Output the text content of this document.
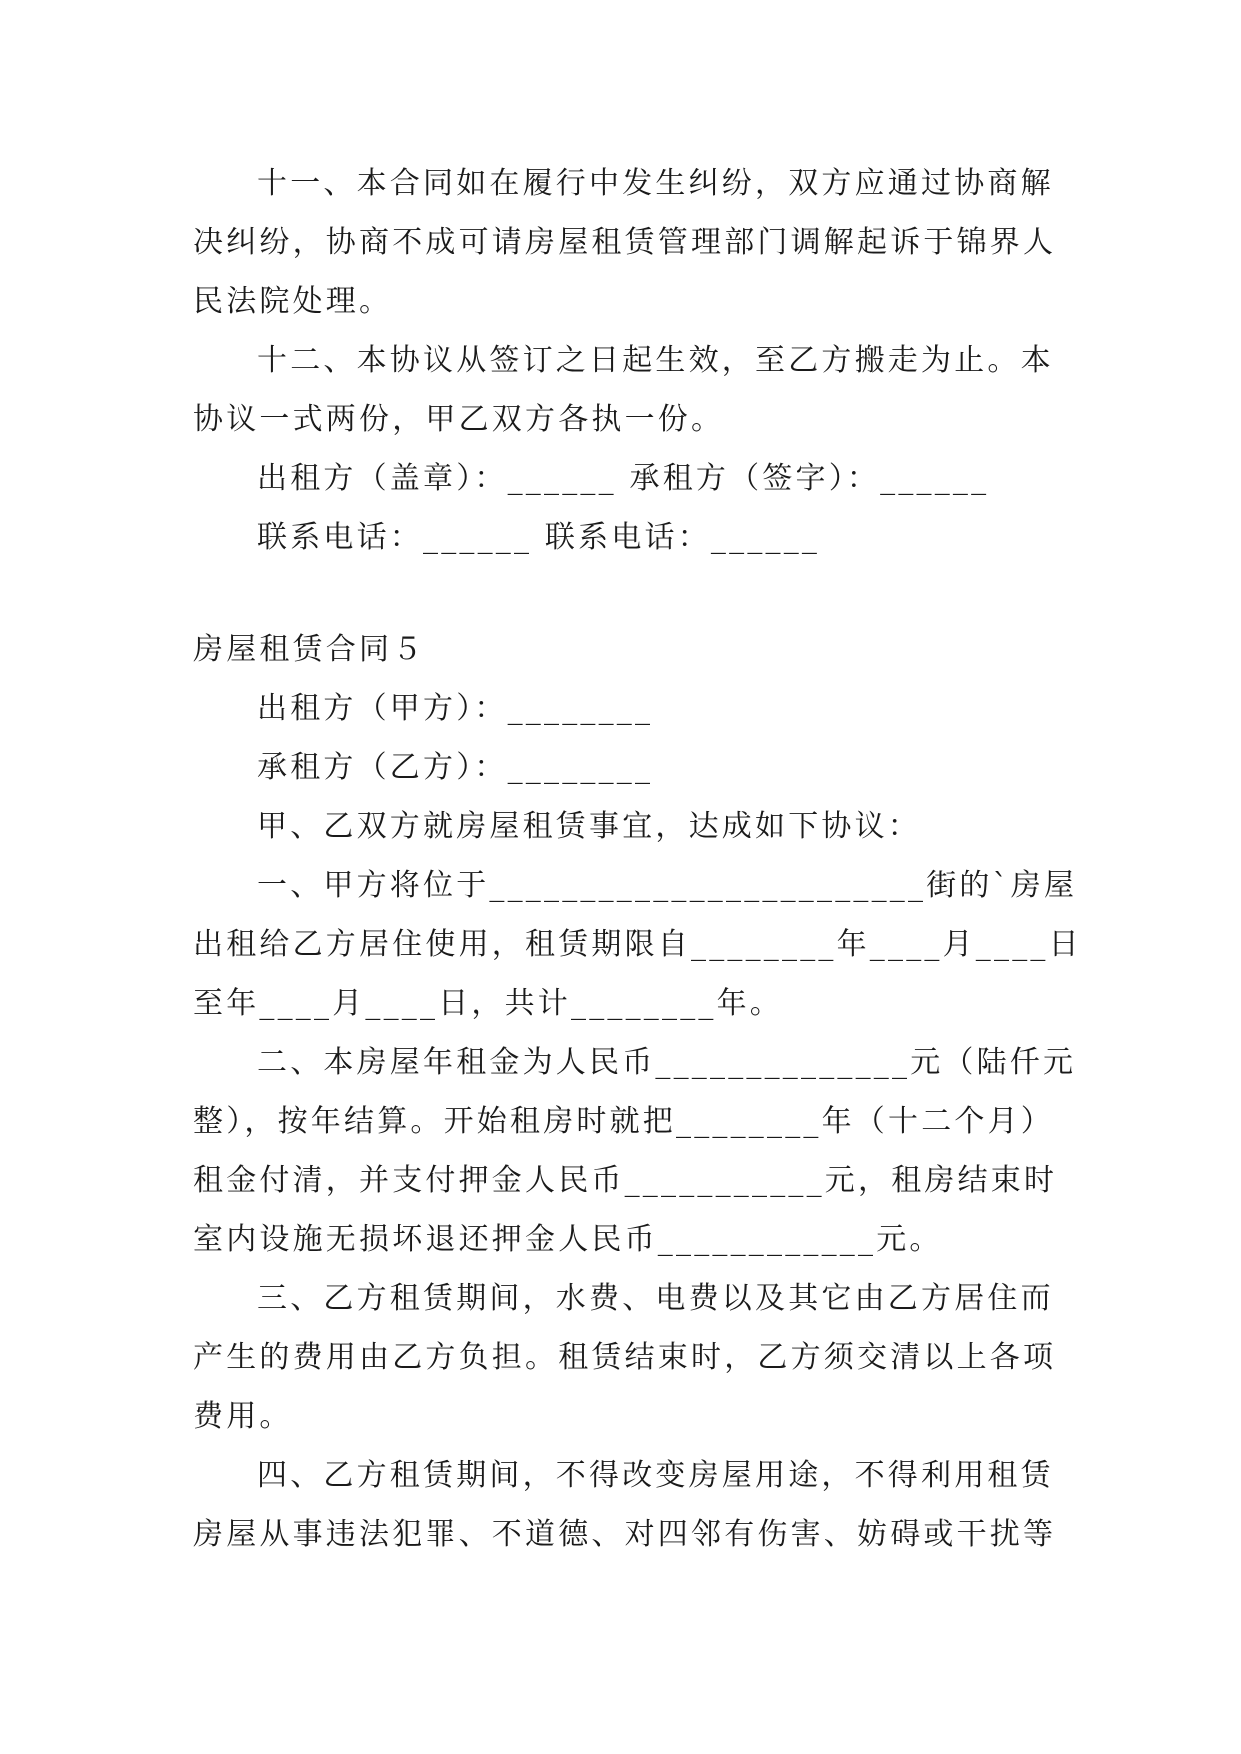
十一、本合同如在履行中发生纠纷，双方应通过协商解
决纠纷，协商不成可请房屋租赁管理部门调解起诉于锦界人
民法院处理。
十二、本协议从签订之日起生效，至乙方搬走为止。本
协议一式两份，甲乙双方各执一份。
出租方（盖章）：______ 承租方（签字）：______
联系电话：______ 联系电话：______
房屋租赁合同５
出租方（甲方）：________
承租方（乙方）：________
甲、乙双方就房屋租赁事宜，达成如下协议：
一、甲方将位于________________________街的`房屋
出租给乙方居住使用，租赁期限自________年____月____日
至年____月____日，共计________年。
二、本房屋年租金为人民币______________元（陆仟元
整），按年结算。开始租房时就把________年（十二个月）
租金付清，并支付押金人民币___________元，租房结束时
室内设施无损坏退还押金人民币____________元。
三、乙方租赁期间，水费、电费以及其它由乙方居住而
产生的费用由乙方负担。租赁结束时，乙方须交清以上各项
费用。
四、乙方租赁期间，不得改变房屋用途，不得利用租赁
房屋从事违法犯罪、不道德、对四邻有伤害、妨碍或干扰等
